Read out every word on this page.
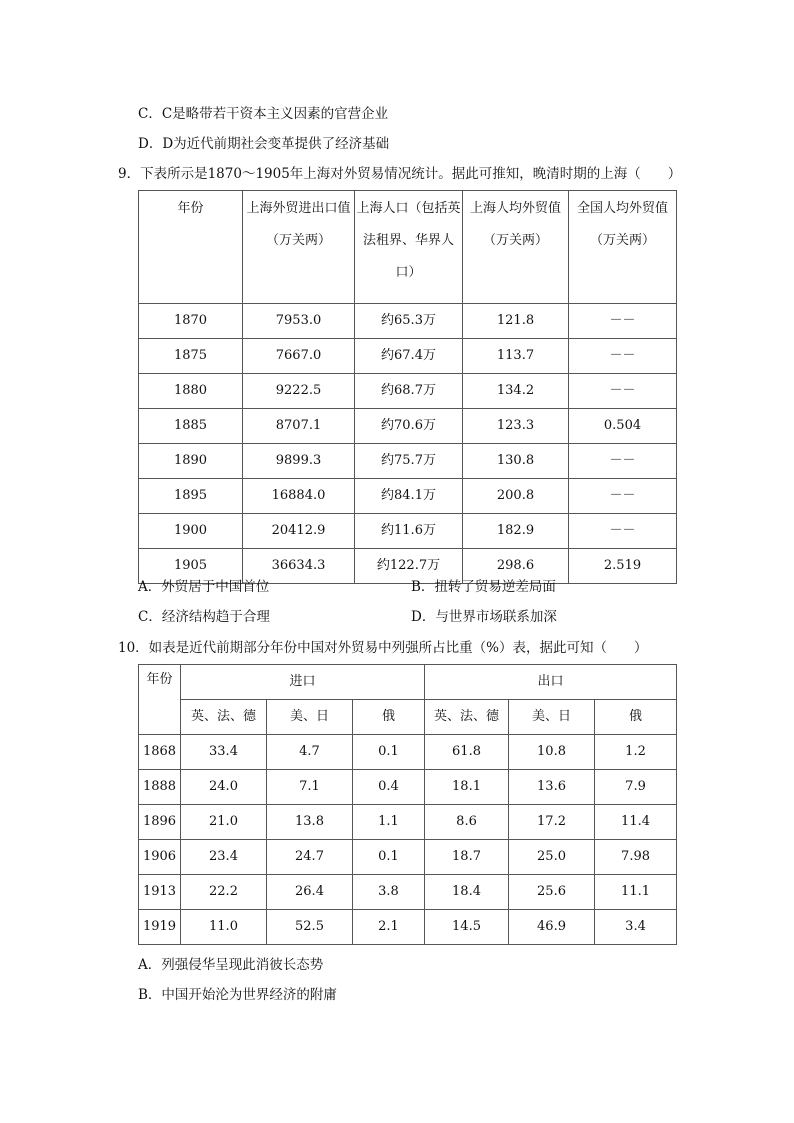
C．C是略带若干资本主义因素的官营企业
D．D为近代前期社会变革提供了经济基础
9．下表所示是1870～1905年上海对外贸易情况统计。据此可推知，晚清时期的上海（　　）
年份	上海外贸进出口值（万关两）	上海人口（包括英法租界、华界人口）	上海人均外贸值（万关两）	全国人均外贸值（万关两）
1870	7953.0	约65.3万	121.8	－－
1875	7667.0	约67.4万	113.7	－－
1880	9222.5	约68.7万	134.2	－－
1885	8707.1	约70.6万	123.3	0.504
1890	9899.3	约75.7万	130.8	－－
1895	16884.0	约84.1万	200.8	－－
1900	20412.9	约11.6万	182.9	－－
1905	36634.3	约122.7万	298.6	2.519
A．外贸居于中国首位	B．扭转了贸易逆差局面
C．经济结构趋于合理	D．与世界市场联系加深
10．如表是近代前期部分年份中国对外贸易中列强所占比重（%）表，据此可知（　　）
年份	进口			出口		
	英、法、德	美、日	俄	英、法、德	美、日	俄
1868	33.4	4.7	0.1	61.8	10.8	1.2
1888	24.0	7.1	0.4	18.1	13.6	7.9
1896	21.0	13.8	1.1	8.6	17.2	11.4
1906	23.4	24.7	0.1	18.7	25.0	7.98
1913	22.2	26.4	3.8	18.4	25.6	11.1
1919	11.0	52.5	2.1	14.5	46.9	3.4
A．列强侵华呈现此消彼长态势
B．中国开始沦为世界经济的附庸
